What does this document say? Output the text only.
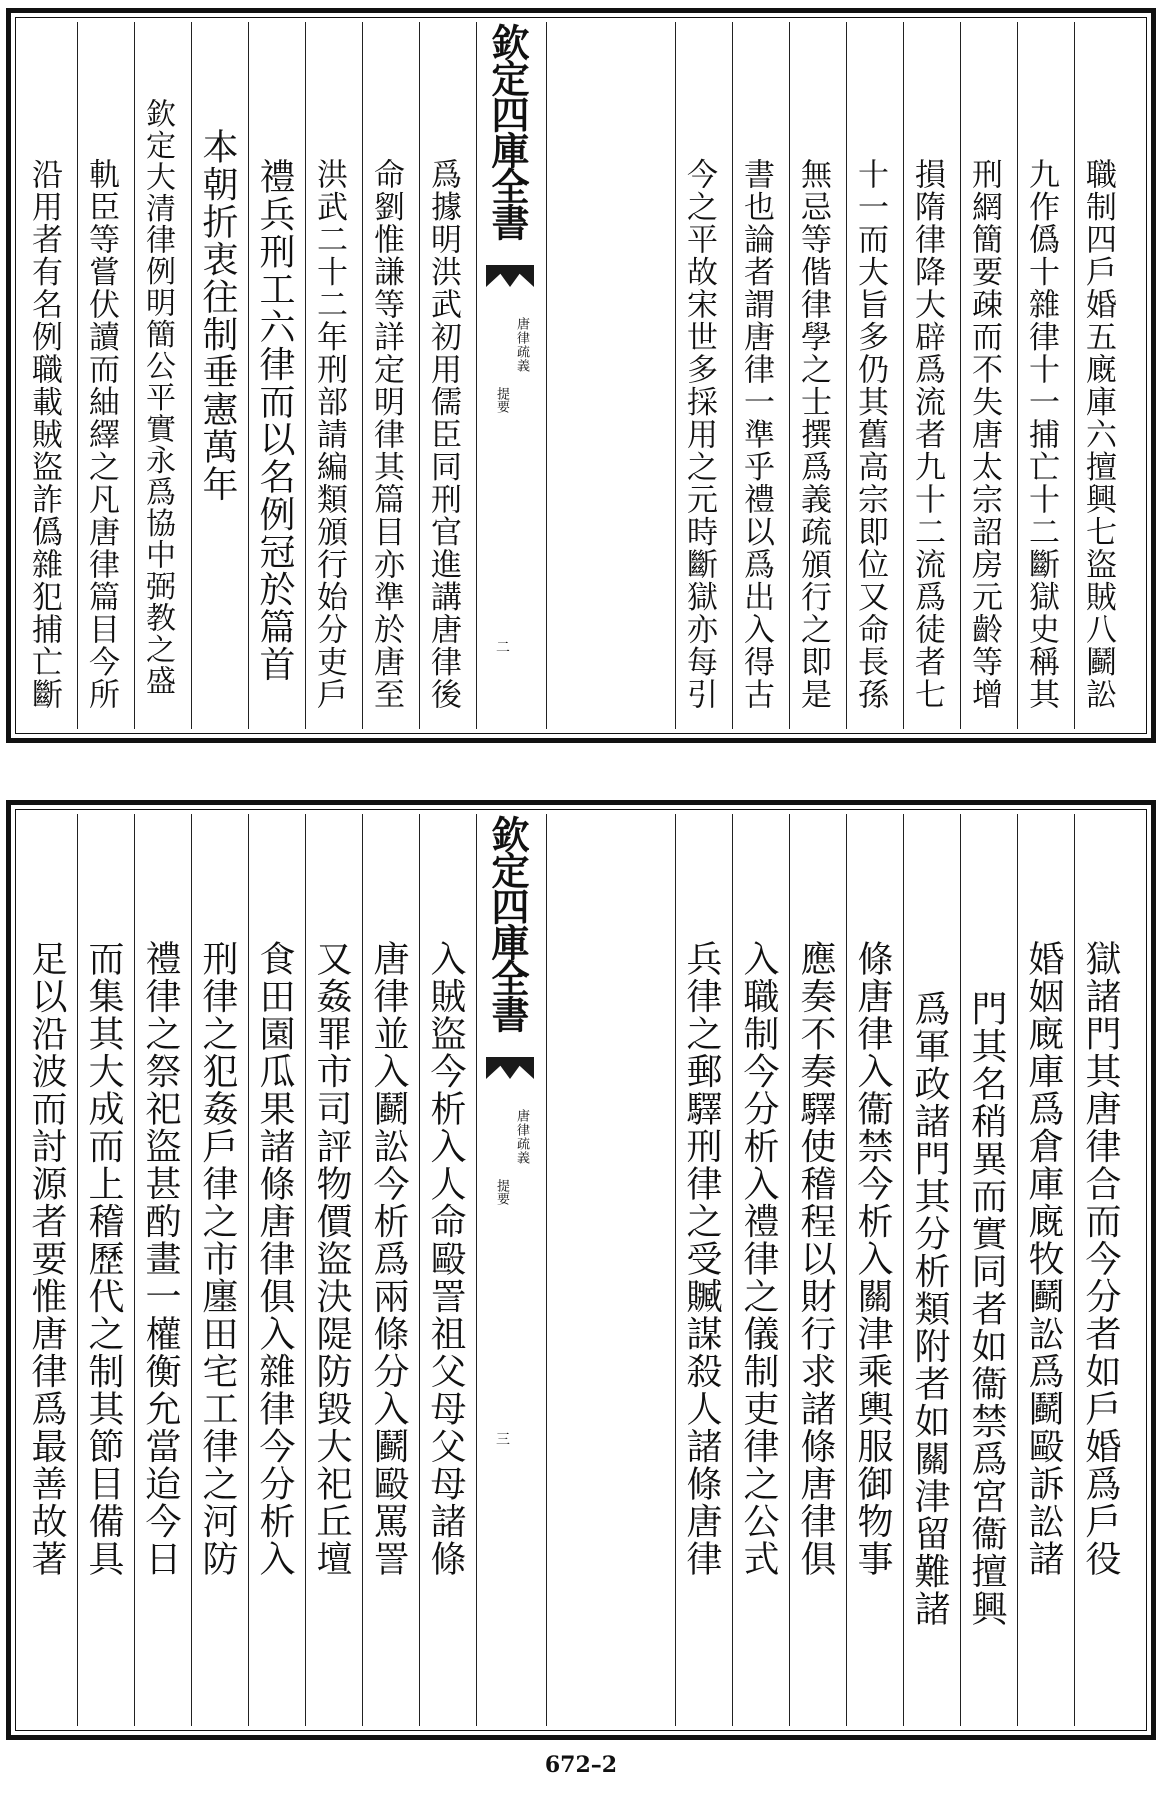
欽定四庫全書
唐律疏義
提要
二	職制四戶婚五廐庫六擅興七盜賊八鬬訟
九作僞十雜律十一捕亡十二斷獄史稱其
刑網簡要疎而不失唐太宗詔房元齡等增
損隋律降大辟爲流者九十二流爲徒者七
十一而大旨多仍其舊高宗即位又命長孫
無忌等偕律學之士撰爲義疏頒行之即是
書也論者謂唐律一準乎禮以爲出入得古
今之平故宋世多採用之元時斷獄亦每引
爲據明洪武初用儒臣同刑官進講唐律後
命劉惟謙等詳定明律其篇目亦準於唐至
洪武二十二年刑部請編類頒行始分吏戶
禮兵刑工六律而以名例冠於篇首
本朝折衷往制垂憲萬年
欽定大清律例明簡公平實永爲協中弼教之盛
軌臣等嘗伏讀而紬繹之凡唐律篇目今所
沿用者有名例職載賊盜詐僞雜犯捕亡斷
欽定四庫全書
唐律疏義
提要
三	獄諸門其唐律合而今分者如戶婚爲戶役
婚姻廐庫爲倉庫廐牧鬬訟爲鬬毆訴訟諸
門其名稍異而實同者如衞禁爲宮衞擅興
爲軍政諸門其分析類附者如關津留難諸
條唐律入衞禁今析入關津乘輿服御物事
應奏不奏驛使稽程以財行求諸條唐律俱
入職制今分析入禮律之儀制吏律之公式
兵律之郵驛刑律之受贓謀殺人諸條唐律
入賊盜今析入人命毆詈祖父母父母諸條
唐律並入鬬訟今析爲兩條分入鬬毆罵詈
又姦罪市司評物價盜決隄防毀大祀丘壇
食田園瓜果諸條唐律俱入雜律今分析入
刑律之犯姦戶律之市廛田宅工律之河防
禮律之祭祀盜甚酌畫一權衡允當迨今日
而集其大成而上稽歷代之制其節目備具
足以沿波而討源者要惟唐律爲最善故著
672–2
